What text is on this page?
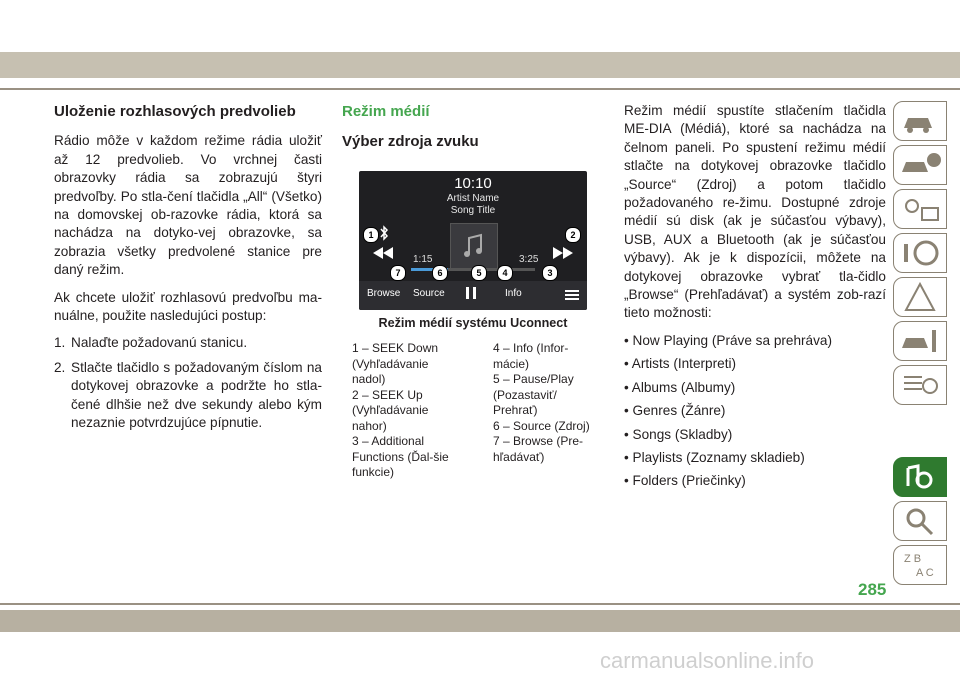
Uloženie rozhlasových predvolieb

Rádio môže v každom režime rádia uložiť až 12 predvolieb. Vo vrchnej časti obrazovky rádia sa zobrazujú štyri predvoľby. Po stla-čení tlačidla „All“ (Všetko) na domovskej ob-razovke rádia, ktorá sa nachádza na dotyko-vej obrazovke, sa zobrazia všetky predvolené stanice pre daný režim.

Ak chcete uložiť rozhlasovú predvoľbu ma-nuálne, použite nasledujúci postup:

1. Nalaďte požadovanú stanicu.
2. Stlačte tlačidlo s požadovaným číslom na dotykovej obrazovke a podržte ho stla-čené dlhšie než dve sekundy alebo kým nezaznie potvrdzujúce pípnutie.
Režim médií
Výber zdroja zvuku
10:10
Artist Name
Song Title
1:15	3:25
Browse Source	Info
1	2
3
4
5
6
7
Režim médií systému Uconnect
1 – SEEK Down (Vyhľadávanie nadol)
2 – SEEK Up (Vyhľadávanie nahor)
3 – Additional Functions (Ďal-šie funkcie)
4 – Info (Infor-mácie)
5 – Pause/Play (Pozastaviť/ Prehrať)
6 – Source (Zdroj)
7 – Browse (Pre-hľadávať)

Režim médií spustíte stlačením tlačidla ME-DIA (Médiá), ktoré sa nachádza na čelnom paneli. Po spustení režimu médií stlačte na dotykovej obrazovke tlačidlo „Source“ (Zdroj) a potom tlačidlo požadovaného re-žimu. Dostupné zdroje médií sú disk (ak je súčasťou výbavy), USB, AUX a Bluetooth (ak je súčasťou výbavy). Ak je k dispozícii, môžete na dotykovej obrazovke vybrať tla-čidlo „Browse“ (Prehľadávať) a systém zob-razí tieto možnosti:

• Now Playing (Práve sa prehráva)
• Artists (Interpreti)
• Albums (Albumy)
• Genres (Žánre)
• Songs (Skladby)
• Playlists (Zoznamy skladieb)
• Folders (Priečinky)
Z B
A C
285
carmanualsonline.info
